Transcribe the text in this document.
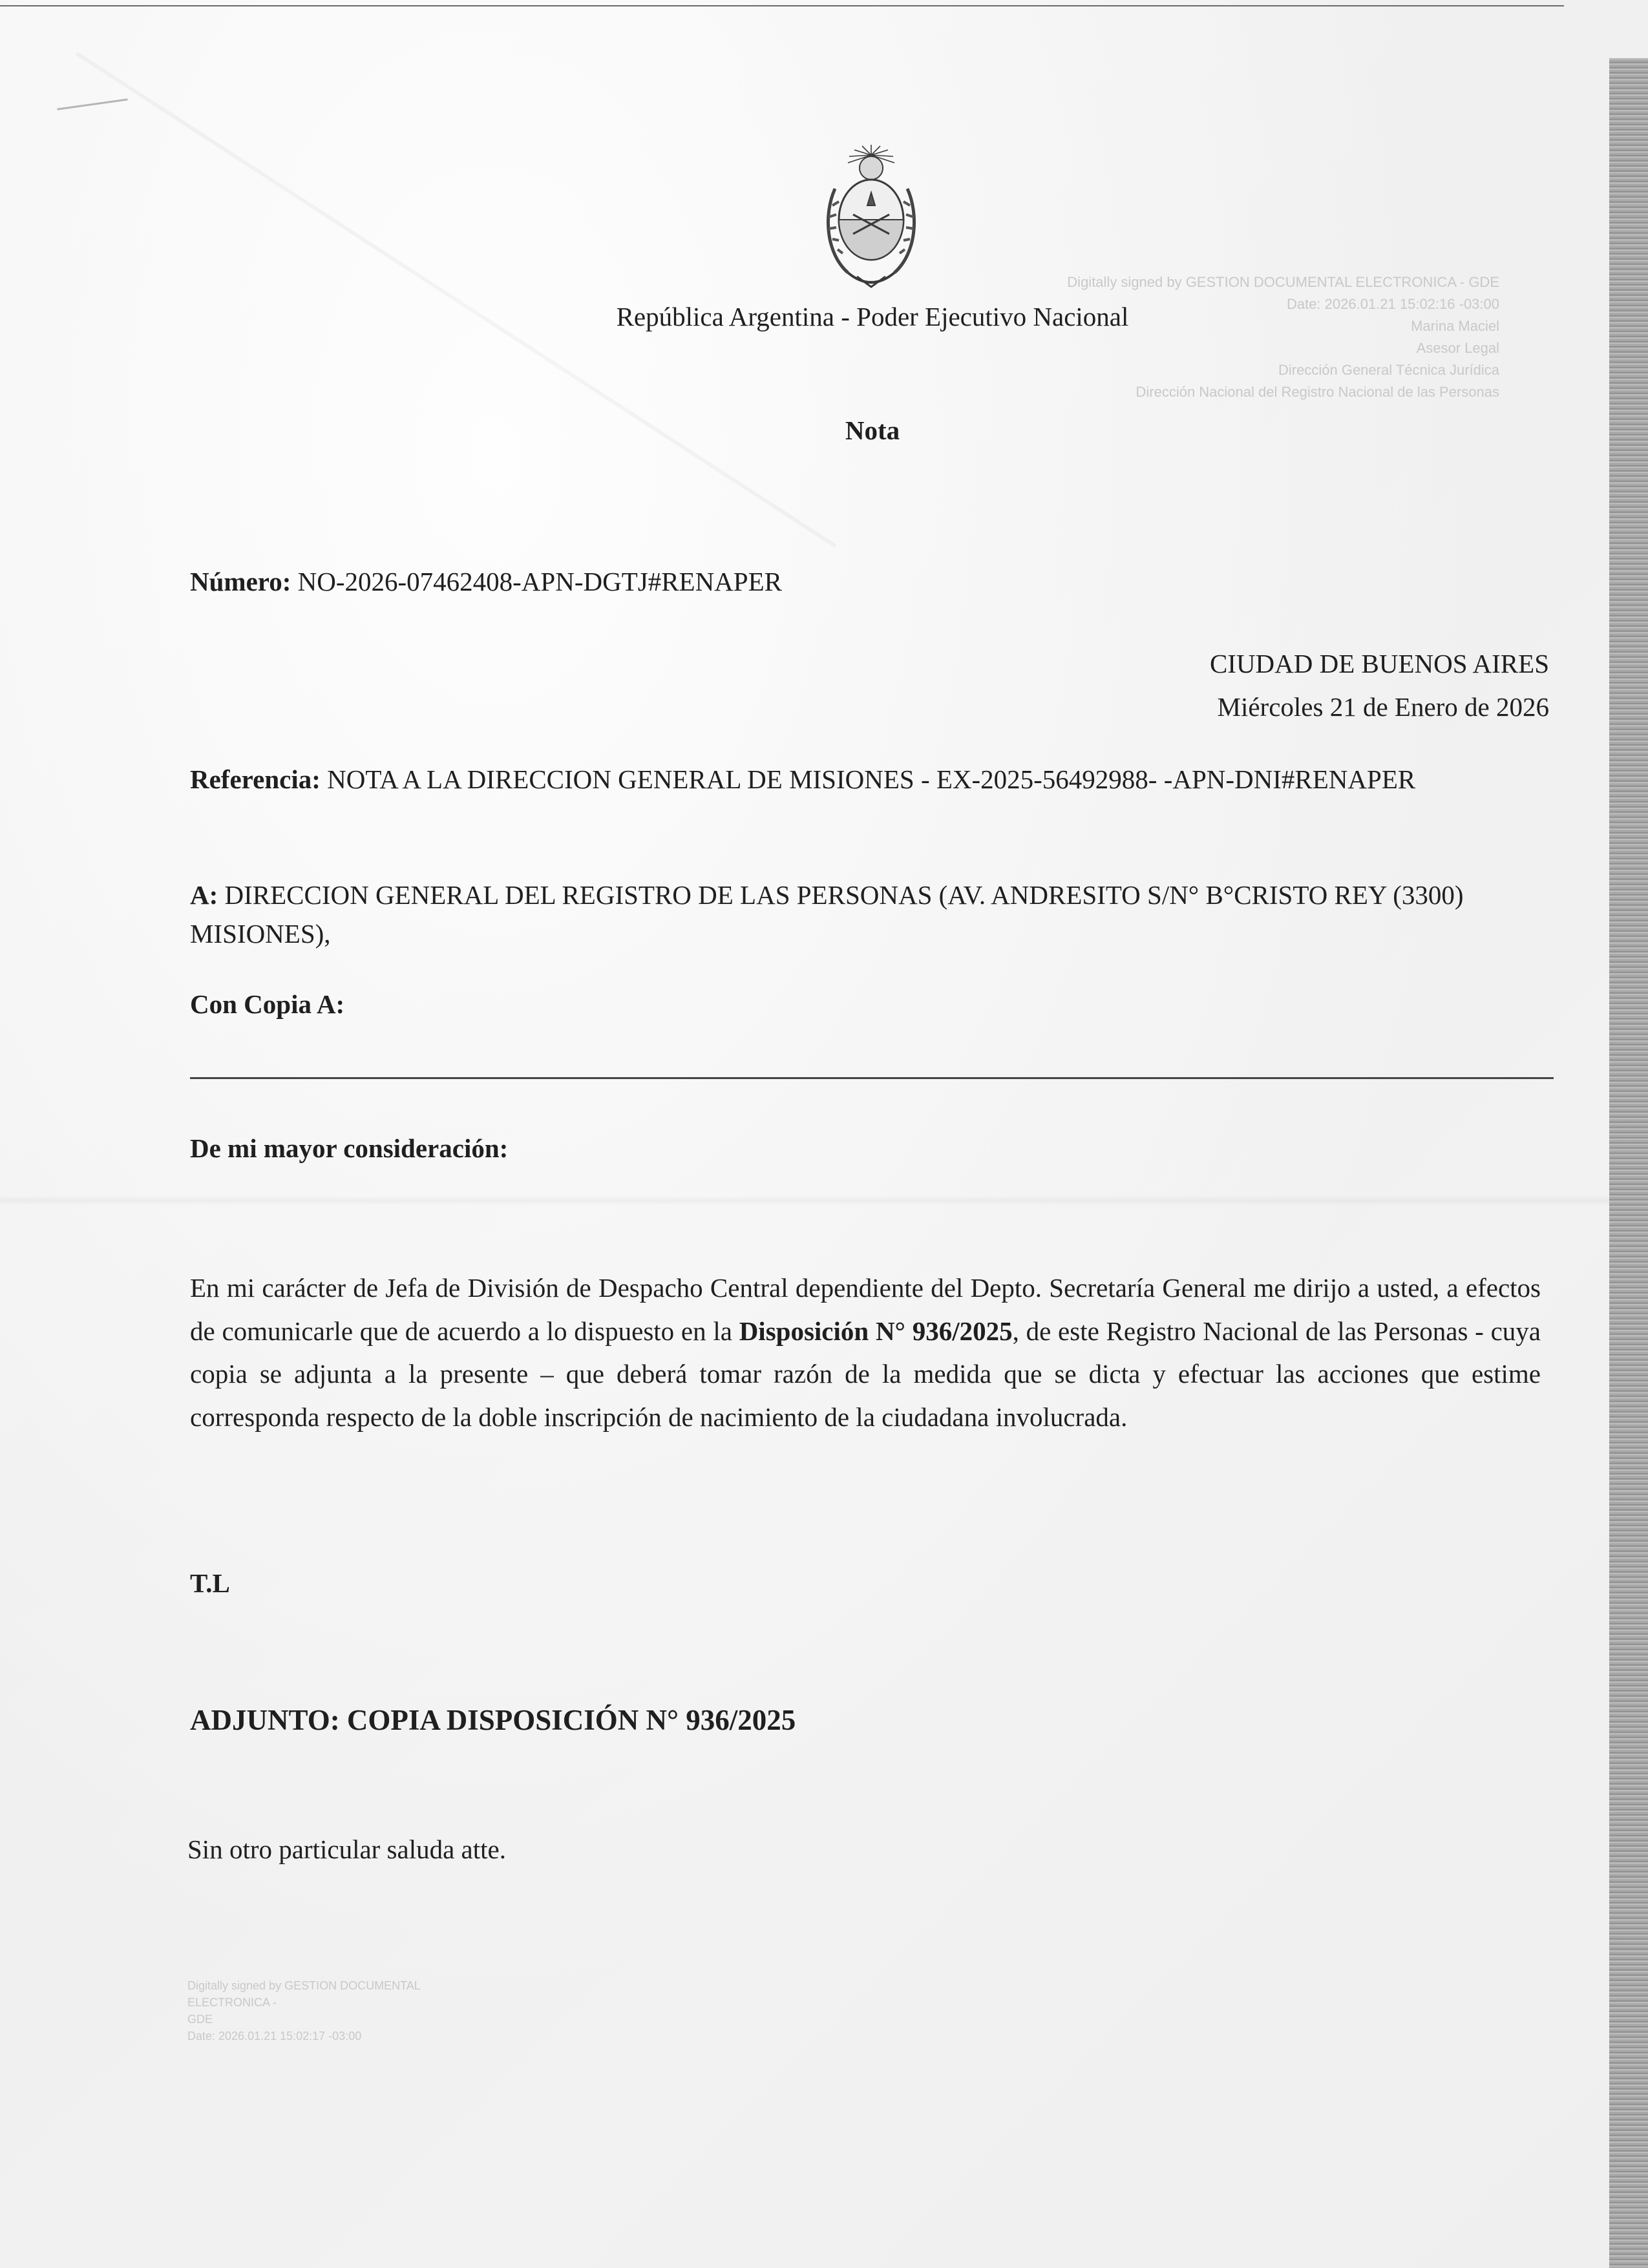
Digitally signed by GESTION DOCUMENTAL ELECTRONICA - GDE
Date: 2026.01.21 15:02:16 -03:00
Marina Maciel
Asesor Legal
Dirección General Técnica Jurídica
Dirección Nacional del Registro Nacional de las Personas
Digitally signed by GESTION DOCUMENTAL ELECTRONICA -
GDE
Date: 2026.01.21 15:02:17 -03:00
República Argentina - Poder Ejecutivo Nacional
Nota
Número: NO-2026-07462408-APN-DGTJ#RENAPER
CIUDAD DE BUENOS AIRES
Miércoles 21 de Enero de 2026
Referencia: NOTA A LA DIRECCION GENERAL DE MISIONES - EX-2025-56492988- -APN-DNI#RENAPER
A: DIRECCION GENERAL DEL REGISTRO DE LAS PERSONAS (AV. ANDRESITO S/N° B°CRISTO REY (3300) MISIONES),
Con Copia A:
De mi mayor consideración:
En mi carácter de Jefa de División de Despacho Central dependiente del Depto. Secretaría General me dirijo a usted, a efectos de comunicarle que de acuerdo a lo dispuesto en la Disposición N° 936/2025, de este Registro Nacional de las Personas - cuya copia se adjunta a la presente – que deberá tomar razón de la medida que se dicta y efectuar las acciones que estime corresponda respecto de la doble inscripción de nacimiento de la ciudadana involucrada.
T.L
ADJUNTO: COPIA DISPOSICIÓN N° 936/2025
Sin otro particular saluda atte.
